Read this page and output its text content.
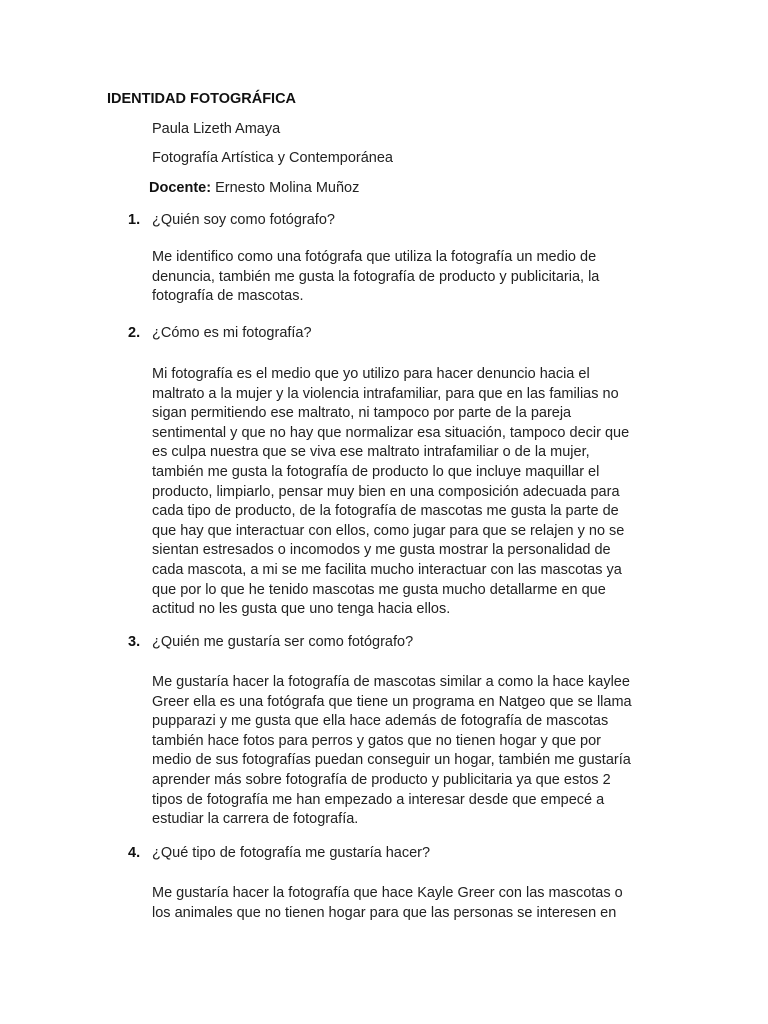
IDENTIDAD FOTOGRÁFICA
Paula Lizeth Amaya
Fotografía Artística y Contemporánea
Docente: Ernesto Molina Muñoz
1. ¿Quién soy como fotógrafo?

Me identifico como una fotógrafa que utiliza la fotografía un medio de

denuncia, también me gusta la fotografía de producto y publicitaria, la

fotografía de mascotas.

2. ¿Cómo es mi fotografía?

Mi fotografía es el medio que yo utilizo para hacer denuncio hacia el

maltrato a la mujer y la violencia intrafamiliar, para que en las familias no

sigan permitiendo ese maltrato, ni tampoco por parte de la pareja

sentimental y que no hay que normalizar esa situación, tampoco decir que

es culpa nuestra que se viva ese maltrato intrafamiliar o de la mujer,

también me gusta la fotografía de producto lo que incluye maquillar el

producto, limpiarlo, pensar muy bien en una composición adecuada para

cada tipo de producto, de la fotografía de mascotas me gusta la parte de

que hay que interactuar con ellos, como jugar para que se relajen y no se

sientan estresados o incomodos y me gusta mostrar la personalidad de

cada mascota, a mi se me facilita mucho interactuar con las mascotas ya

que por lo que he tenido mascotas me gusta mucho detallarme en que

actitud no les gusta que uno tenga hacia ellos.

3. ¿Quién me gustaría ser como fotógrafo?

Me gustaría hacer la fotografía de mascotas similar a como la hace kaylee

Greer ella es una fotógrafa que tiene un programa en Natgeo que se llama

pupparazi y me gusta que ella hace además de fotografía de mascotas

también hace fotos para perros y gatos que no tienen hogar y que por

medio de sus fotografías puedan conseguir un hogar, también me gustaría

aprender más sobre fotografía de producto y publicitaria ya que estos 2

tipos de fotografía me han empezado a interesar desde que empecé a

estudiar la carrera de fotografía.

4. ¿Qué tipo de fotografía me gustaría hacer?

Me gustaría hacer la fotografía que hace Kayle Greer con las mascotas o

los animales que no tienen hogar para que las personas se interesen en
